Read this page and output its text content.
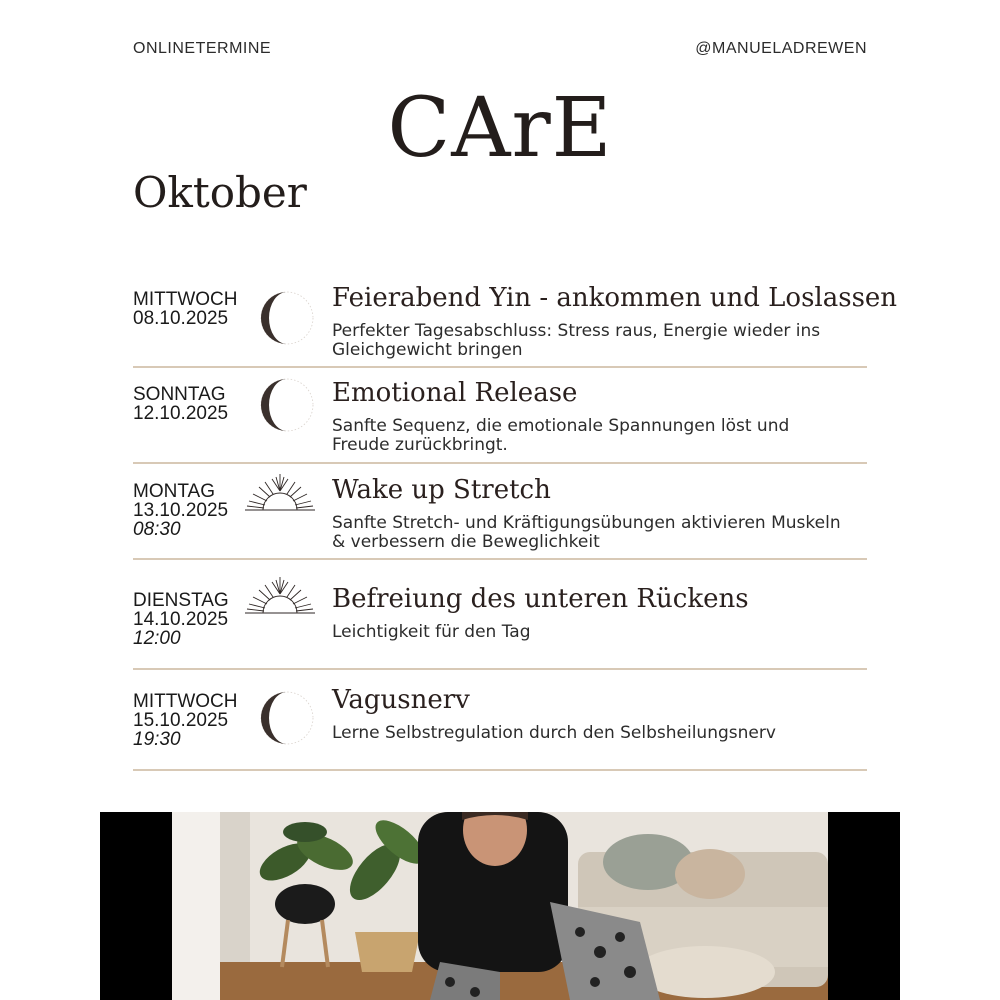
ONLINETERMINE	@MANUELADREWEN
CArE
Oktober
MITTWOCH
08.10.2025
Feierabend Yin - ankommen und Loslassen
Perfekter Tagesabschluss: Stress raus, Energie wieder ins Gleichgewicht bringen
SONNTAG
12.10.2025
Emotional Release
Sanfte Sequenz, die emotionale Spannungen löst und Freude zurückbringt.
MONTAG
13.10.2025
08:30
Wake up Stretch
Sanfte Stretch- und Kräftigungsübungen aktivieren Muskeln & verbessern die Beweglichkeit
DIENSTAG
14.10.2025
12:00
Befreiung des unteren Rückens
Leichtigkeit für den Tag
MITTWOCH
15.10.2025
19:30
Vagusnerv
Lerne Selbstregulation durch den Selbsheilungsnerv
